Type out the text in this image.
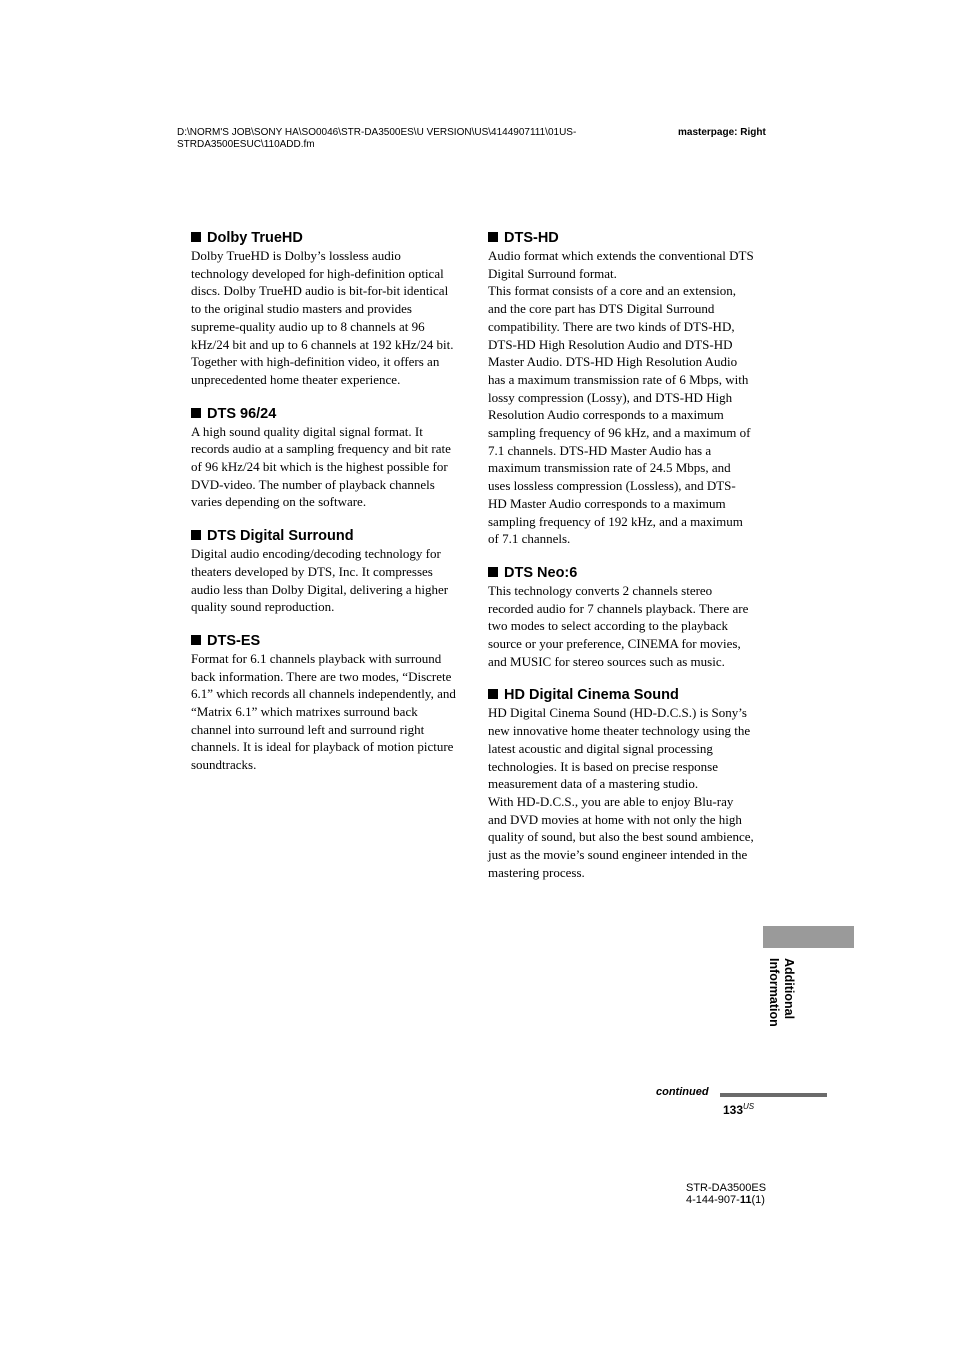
D:\NORM'S JOB\SONY HA\SO0046\STR-DA3500ES\U VERSION\US\4144907111\01US-STRDA3500ESUC\110ADD.fm
masterpage: Right
Dolby TrueHD
Dolby TrueHD is Dolby’s lossless audio technology developed for high-definition optical discs. Dolby TrueHD audio is bit-for-bit identical to the original studio masters and provides supreme-quality audio up to 8 channels at 96 kHz/24 bit and up to 6 channels at 192 kHz/24 bit. Together with high-definition video, it offers an unprecedented home theater experience.
DTS 96/24
A high sound quality digital signal format. It records audio at a sampling frequency and bit rate of 96 kHz/24 bit which is the highest possible for DVD-video. The number of playback channels varies depending on the software.
DTS Digital Surround
Digital audio encoding/decoding technology for theaters developed by DTS, Inc. It compresses audio less than Dolby Digital, delivering a higher quality sound reproduction.
DTS-ES
Format for 6.1 channels playback with surround back information. There are two modes, “Discrete 6.1” which records all channels independently, and “Matrix 6.1” which matrixes surround back channel into surround left and surround right channels. It is ideal for playback of motion picture soundtracks.
DTS-HD
Audio format which extends the conventional DTS Digital Surround format.
This format consists of a core and an extension, and the core part has DTS Digital Surround compatibility. There are two kinds of DTS-HD, DTS-HD High Resolution Audio and DTS-HD Master Audio. DTS-HD High Resolution Audio has a maximum transmission rate of 6 Mbps, with lossy compression (Lossy), and DTS-HD High Resolution Audio corresponds to a maximum sampling frequency of 96 kHz, and a maximum of 7.1 channels. DTS-HD Master Audio has a maximum transmission rate of 24.5 Mbps, and uses lossless compression (Lossless), and DTS-HD Master Audio corresponds to a maximum sampling frequency of 192 kHz, and a maximum of 7.1 channels.
DTS Neo:6
This technology converts 2 channels stereo recorded audio for 7 channels playback. There are two modes to select according to the playback source or your preference, CINEMA for movies, and MUSIC for stereo sources such as music.
HD Digital Cinema Sound
HD Digital Cinema Sound (HD-D.C.S.) is Sony’s new innovative home theater technology using the latest acoustic and digital signal processing technologies. It is based on precise response measurement data of a mastering studio.
With HD-D.C.S., you are able to enjoy Blu-ray and DVD movies at home with not only the high quality of sound, but also the best sound ambience, just as the movie’s sound engineer intended in the mastering process.
Additional
Information
continued
$133^{US}$
STR-DA3500ES
4-144-907-11(1)
